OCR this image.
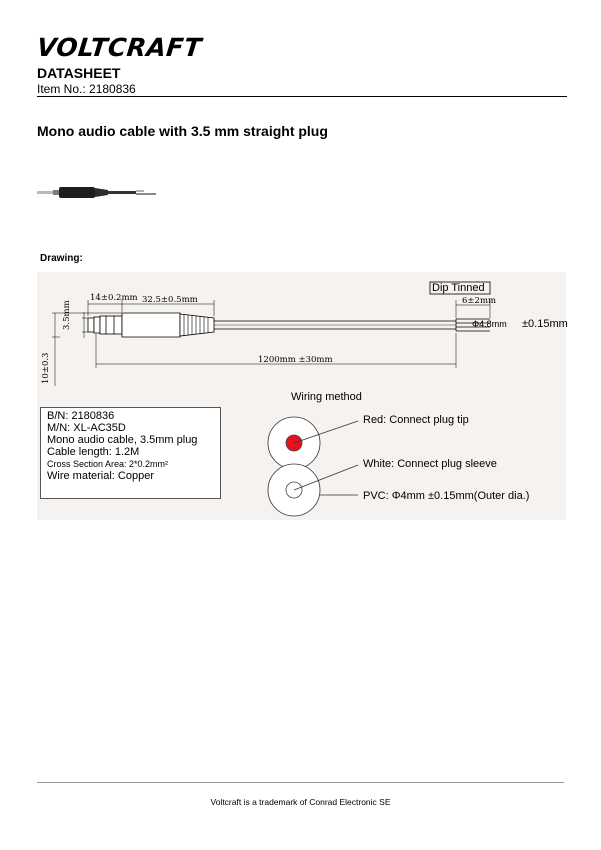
VOLTCRAFT
DATASHEET
Item No.: 2180836
Mono audio cable with 3.5 mm straight plug
Drawing:
14±0.2mm 32.5±0.5mm
Dip Tinned
6±2mm
1200mm ±30mm
3.5mm
10±0.3
Φ4.8mm ±0.15mm
B/N: 2180836
M/N: XL-AC35D
Mono audio cable, 3.5mm plug
Cable length: 1.2M
Cross Section Area: 2*0.2mm²
Wire material: Copper
Wiring method
Red: Connect plug tip
White: Connect plug sleeve
PVC: Φ4mm ±0.15mm(Outer dia.)
Voltcraft is a trademark of Conrad Electronic SE
